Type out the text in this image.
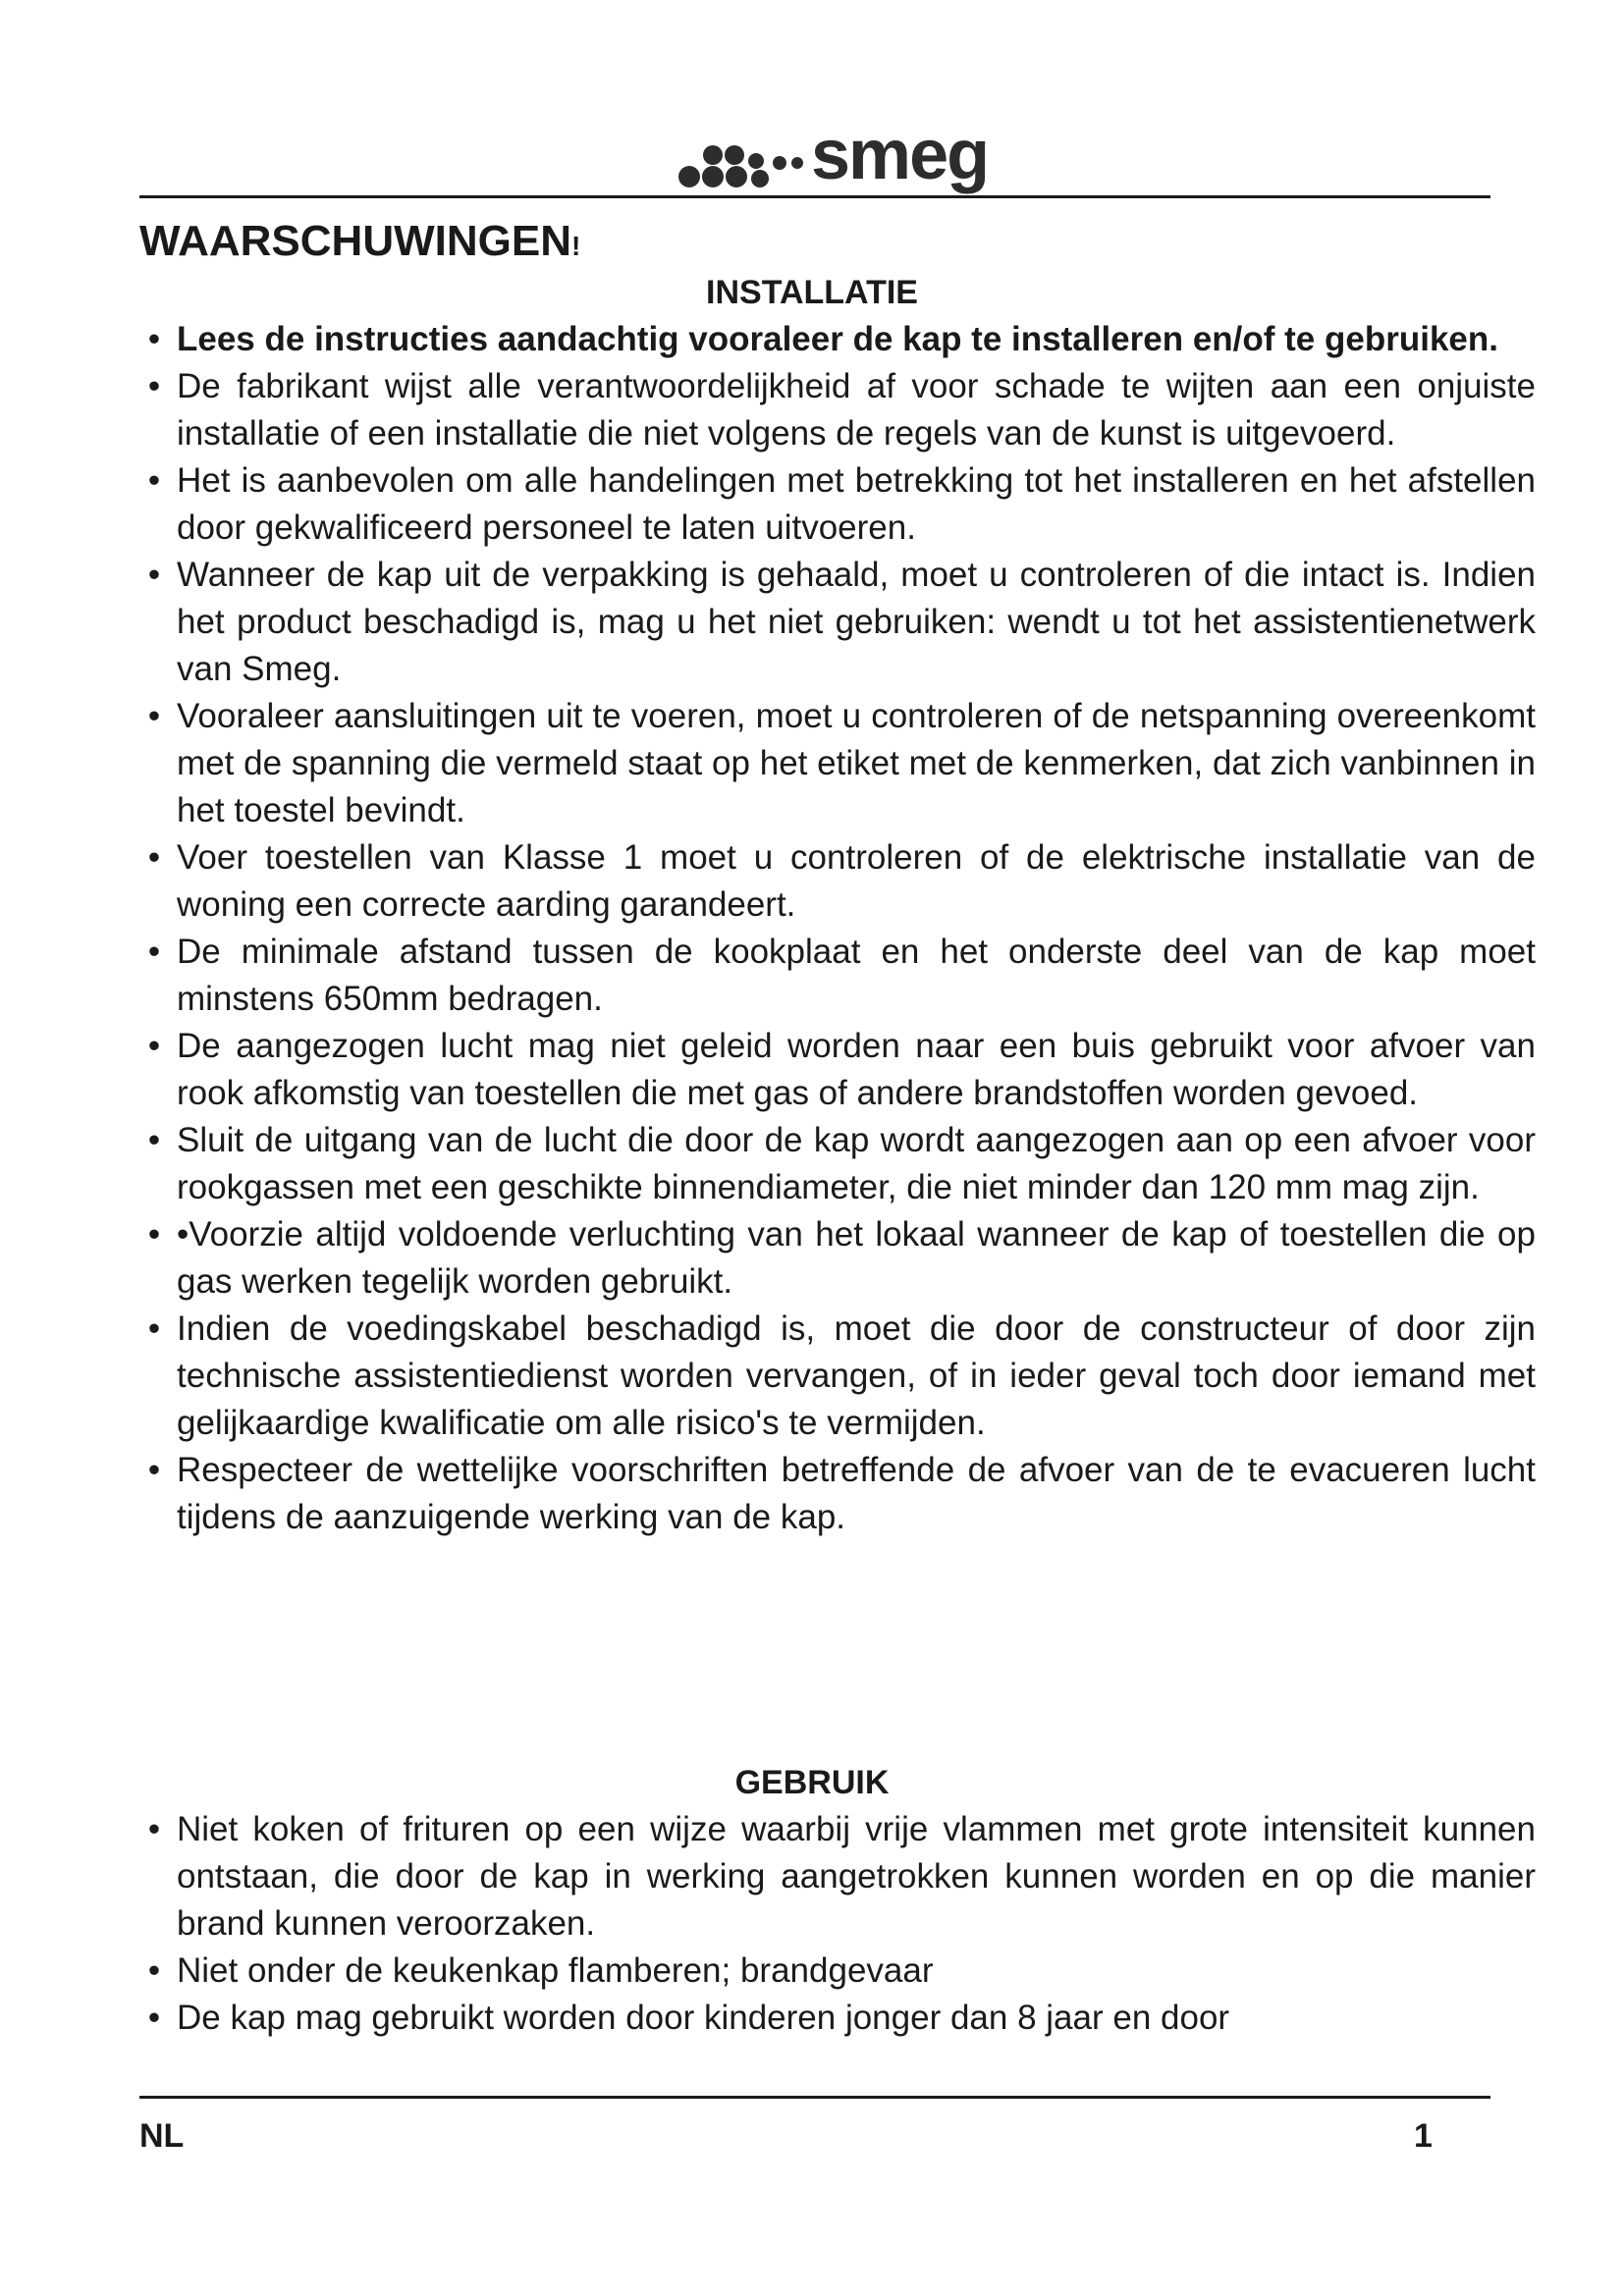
smeg
WAARSCHUWINGEN!
INSTALLATIE
• Lees de instructies aandachtig vooraleer de kap te installeren en/of te gebruiken.
• De fabrikant wijst alle verantwoordelijkheid af voor schade te wijten aan een onjuiste installatie of een installatie die niet volgens de regels van de kunst is uitgevoerd.
• Het is aanbevolen om alle handelingen met betrekking tot het installeren en het afstellen door gekwalificeerd personeel te laten uitvoeren.
• Wanneer de kap uit de verpakking is gehaald, moet u controleren of die intact is. Indien het product beschadigd is, mag u het niet gebruiken: wendt u tot het assistentienetwerk van Smeg.
• Vooraleer aansluitingen uit te voeren, moet u controleren of de netspanning overeenkomt met de spanning die vermeld staat op het etiket met de kenmerken, dat zich vanbinnen in het toestel bevindt.
• Voer toestellen van Klasse 1 moet u controleren of de elektrische installatie van de woning een correcte aarding garandeert.
• De minimale afstand tussen de kookplaat en het onderste deel van de kap moet minstens 650mm bedragen.
• De aangezogen lucht mag niet geleid worden naar een buis gebruikt voor afvoer van rook afkomstig van toestellen die met gas of andere brandstoffen worden gevoed.
• Sluit de uitgang van de lucht die door de kap wordt aangezogen aan op een afvoer voor rookgassen met een geschikte binnendiameter, die niet minder dan 120 mm mag zijn.
• •Voorzie altijd voldoende verluchting van het lokaal wanneer de kap of toestellen die op gas werken tegelijk worden gebruikt.
• Indien de voedingskabel beschadigd is, moet die door de constructeur of door zijn technische assistentiedienst worden vervangen, of in ieder geval toch door iemand met gelijkaardige kwalificatie om alle risico's te vermijden.
• Respecteer de wettelijke voorschriften betreffende de afvoer van de te evacueren lucht tijdens de aanzuigende werking van de kap.
GEBRUIK
• Niet koken of frituren op een wijze waarbij vrije vlammen met grote intensiteit kunnen ontstaan, die door de kap in werking aangetrokken kunnen worden en op die manier brand kunnen veroorzaken.
• Niet onder de keukenkap flamberen; brandgevaar
• De kap mag gebruikt worden door kinderen jonger dan 8 jaar en door
NL	1
